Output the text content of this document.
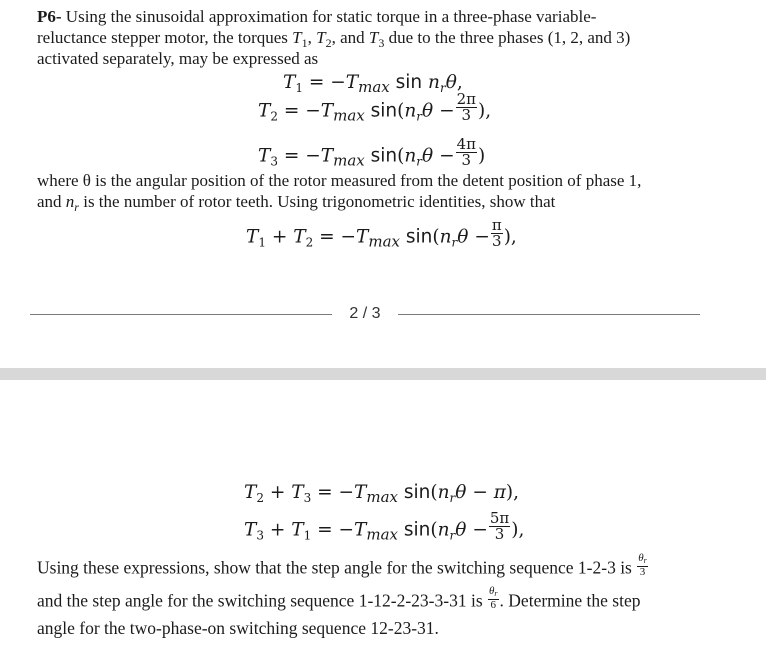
P6- Using the sinusoidal approximation for static torque in a three-phase variable-

reluctance stepper motor, the torques $T_1$, $T_2$, and $T_3$ due to the three phases (1, 2, and 3)
activated separately, may be expressed as
$T_1 = -T_{max}$ $\sin n_r\theta$,
$T_2 = -T_{max}$ $\sin(n_r\theta - \frac{2\pi}{3}$ ),
$T_3 = -T_{max}$ $\sin(n_r\theta - \frac{4\pi}{3}$ )
where θ is the angular position of the rotor measured from the detent position of phase 1,
and $n_r$ is the number of rotor teeth. Using trigonometric identities, show that
$T_1 + T_2 = -T_{max}$ $\sin(n_r\theta - \frac{\pi}{3}$ ),
2 / 3
$T_2 + T_3 = -T_{max}$ $\sin(n_r\theta - \pi)$,
$T_3 + T_1 = -T_{max}$ $\sin(n_r\theta - \frac{5\pi}{3}$ ),
Using these expressions, show that the step angle for the switching sequence 1-2-3 is $\frac{\theta_r}{3}$
and the step angle for the switching sequence 1-12-2-23-3-31 is $\frac{\theta_r}{6}$ . Determine the step
angle for the two-phase-on switching sequence 12-23-31.
